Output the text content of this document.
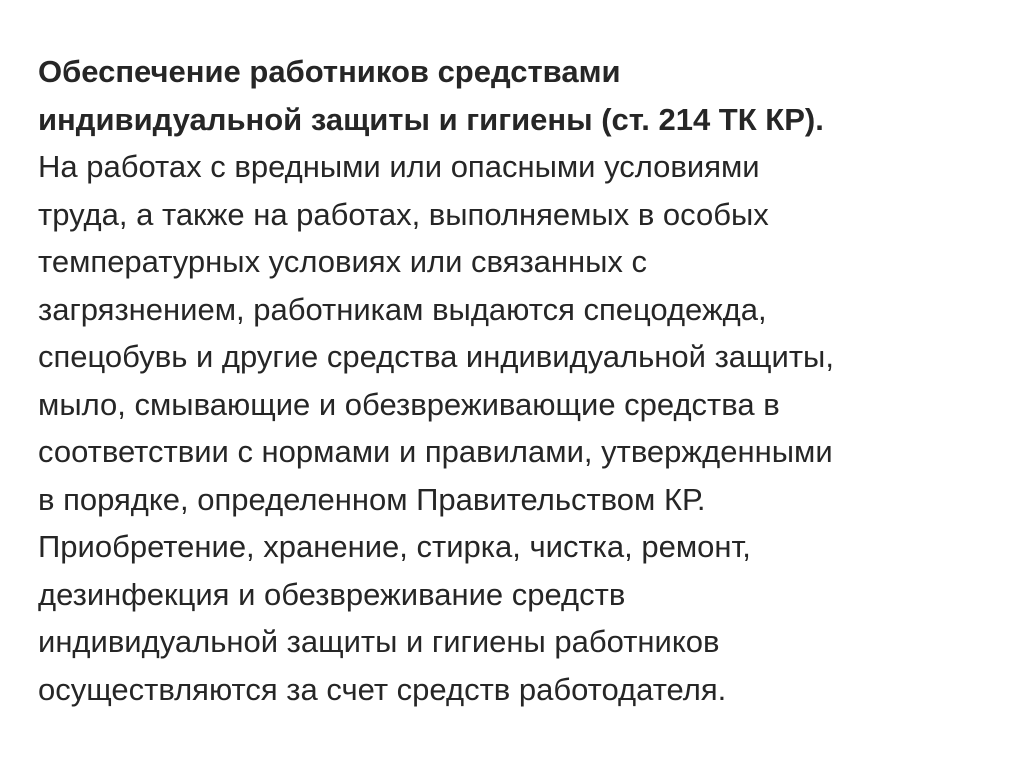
Обеспечение работников средствами
индивидуальной защиты и гигиены (ст. 214 ТК КР).
На работах с вредными или опасными условиями
труда, а также на работах, выполняемых в особых
температурных условиях или связанных с
загрязнением, работникам выдаются спецодежда,
спецобувь и другие средства индивидуальной защиты,
мыло, смывающие и обезвреживающие средства в
соответствии с нормами и правилами, утвержденными
в порядке, определенном Правительством КР.
Приобретение, хранение, стирка, чистка, ремонт,
дезинфекция и обезвреживание средств
индивидуальной защиты и гигиены работников
осуществляются за счет средств работодателя.
